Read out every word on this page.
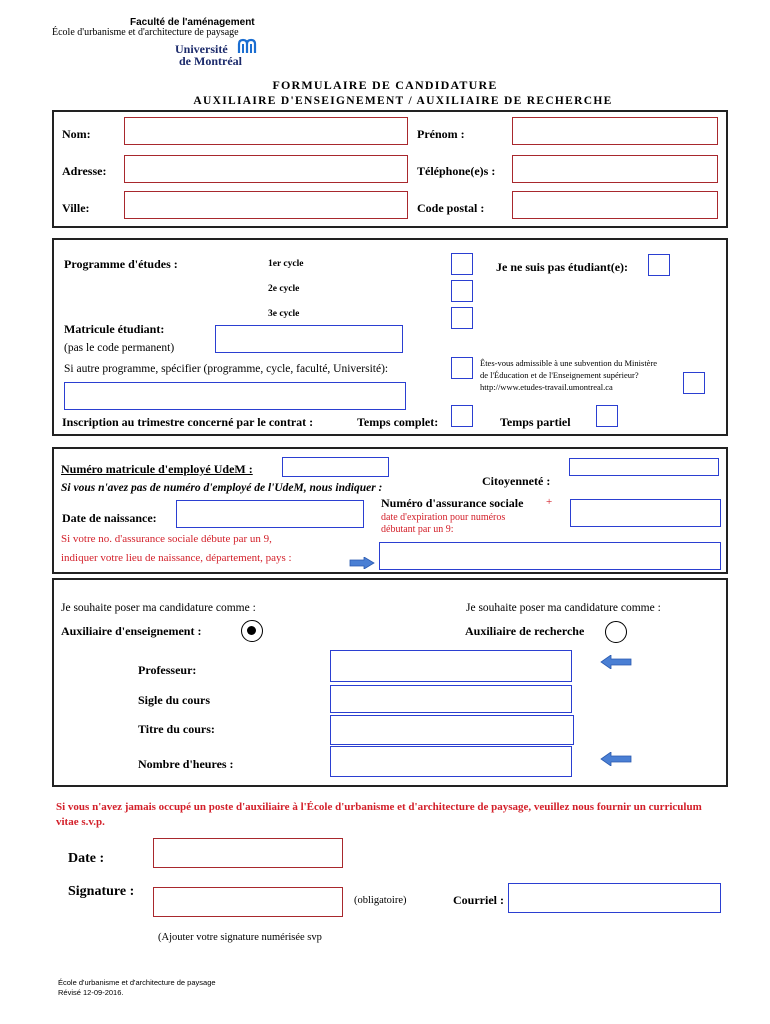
Faculté de l'aménagement
École d'urbanisme et d'architecture de paysage
Université
de Montréal
FORMULAIRE DE CANDIDATURE
AUXILIAIRE D'ENSEIGNEMENT / AUXILIAIRE DE RECHERCHE
Nom:	Prénom :
Adresse:	Téléphone(e)s :
Ville:	Code postal :
Programme d'études :	1er cycle
2e cycle
3e cycle
Je ne suis pas étudiant(e):
Matricule étudiant:
(pas le code permanent)
Si autre programme, spécifier (programme, cycle, faculté, Université):	Êtes-vous admissible à une subvention du Ministère
de l'Éducation et de l'Enseignement supérieur?
http://www.etudes-travail.umontreal.ca
Inscription au trimestre concerné par le contrat :	Temps complet:	Temps partiel
Numéro matricule d'employé UdeM :
Si vous n'avez pas de numéro d'employé de l'UdeM, nous indiquer :	Citoyenneté :
Date de naissance:
Numéro d'assurance sociale +
date d'expiration pour numéros
débutant par un 9:
Si votre no. d'assurance sociale débute par un 9,
indiquer votre lieu de naissance, département, pays :
Je souhaite poser ma candidature comme :	Je souhaite poser ma candidature comme :
Auxiliaire d'enseignement :	Auxiliaire de recherche
Professeur:
Sigle du cours
Titre du cours:
Nombre d'heures :
Si vous n'avez jamais occupé un poste d'auxiliaire à l'École d'urbanisme et d'architecture de paysage, veuillez nous fournir un curriculum vitae s.v.p.
Date :
Signature :
(obligatoire)	Courriel :
(Ajouter votre signature numérisée svp
École d'urbanisme et d'architecture de paysage
Révisé 12-09-2016.
